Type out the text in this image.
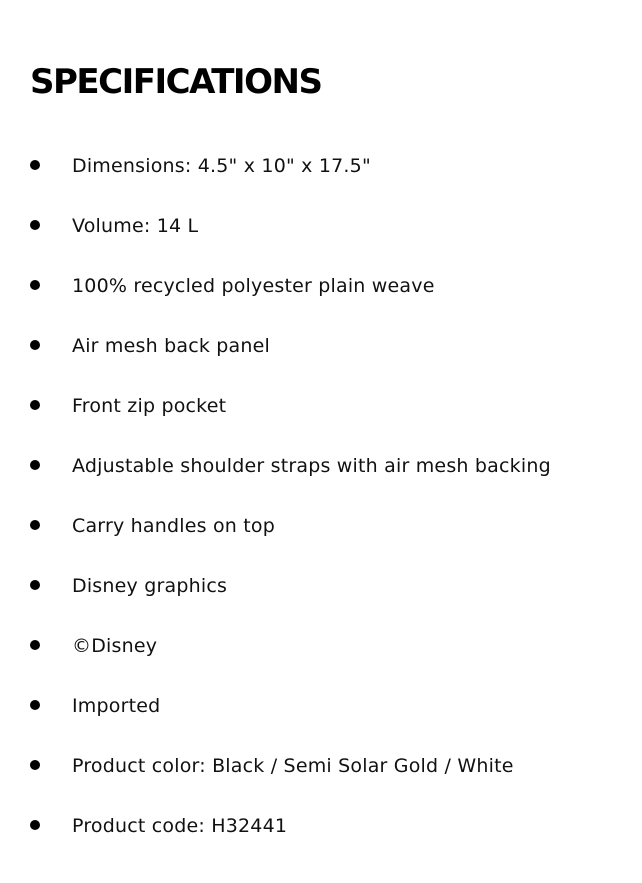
SPECIFICATIONS
Dimensions: 4.5" x 10" x 17.5"
Volume: 14 L
100% recycled polyester plain weave
Air mesh back panel
Front zip pocket
Adjustable shoulder straps with air mesh backing
Carry handles on top
Disney graphics
©Disney
Imported
Product color: Black / Semi Solar Gold / White
Product code: H32441
